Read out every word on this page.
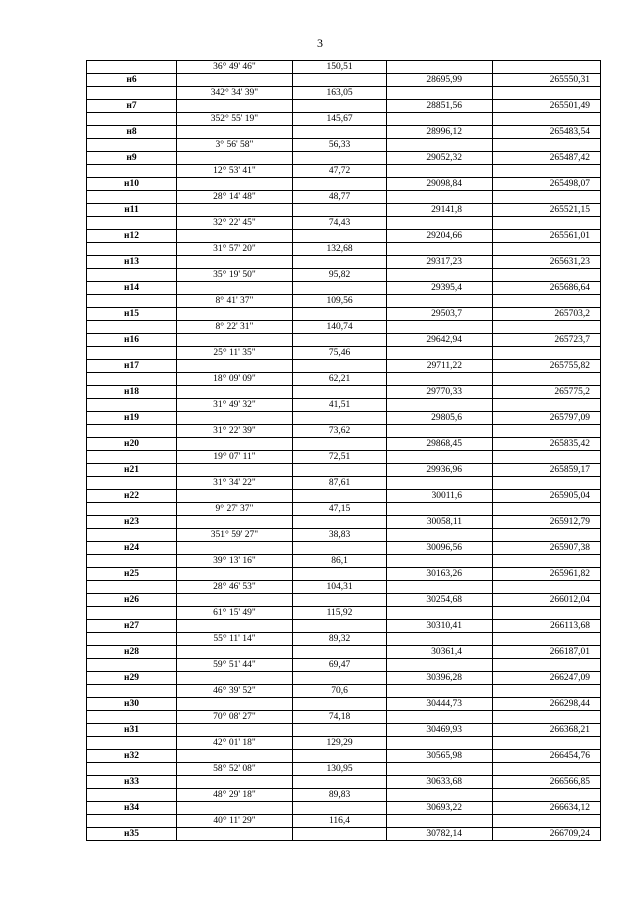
3
	36° 49' 46"	150,51		
н6			28695,99	265550,31
	342° 34' 39"	163,05		
н7			28851,56	265501,49
	352° 55' 19"	145,67		
н8			28996,12	265483,54
	3° 56' 58"	56,33		
н9			29052,32	265487,42
	12° 53' 41"	47,72		
н10			29098,84	265498,07
	28° 14' 48"	48,77		
н11			29141,8	265521,15
	32° 22' 45"	74,43		
н12			29204,66	265561,01
	31° 57' 20"	132,68		
н13			29317,23	265631,23
	35° 19' 50"	95,82		
н14			29395,4	265686,64
	8° 41' 37"	109,56		
н15			29503,7	265703,2
	8° 22' 31"	140,74		
н16			29642,94	265723,7
	25° 11' 35"	75,46		
н17			29711,22	265755,82
	18° 09' 09"	62,21		
н18			29770,33	265775,2
	31° 49' 32"	41,51		
н19			29805,6	265797,09
	31° 22' 39"	73,62		
н20			29868,45	265835,42
	19° 07' 11"	72,51		
н21			29936,96	265859,17
	31° 34' 22"	87,61		
н22			30011,6	265905,04
	9° 27' 37"	47,15		
н23			30058,11	265912,79
	351° 59' 27"	38,83		
н24			30096,56	265907,38
	39° 13' 16"	86,1		
н25			30163,26	265961,82
	28° 46' 53"	104,31		
н26			30254,68	266012,04
	61° 15' 49"	115,92		
н27			30310,41	266113,68
	55° 11' 14"	89,32		
н28			30361,4	266187,01
	59° 51' 44"	69,47		
н29			30396,28	266247,09
	46° 39' 52"	70,6		
н30			30444,73	266298,44
	70° 08' 27"	74,18		
н31			30469,93	266368,21
	42° 01' 18"	129,29		
н32			30565,98	266454,76
	58° 52' 08"	130,95		
н33			30633,68	266566,85
	48° 29' 18"	89,83		
н34			30693,22	266634,12
	40° 11' 29"	116,4		
н35			30782,14	266709,24
